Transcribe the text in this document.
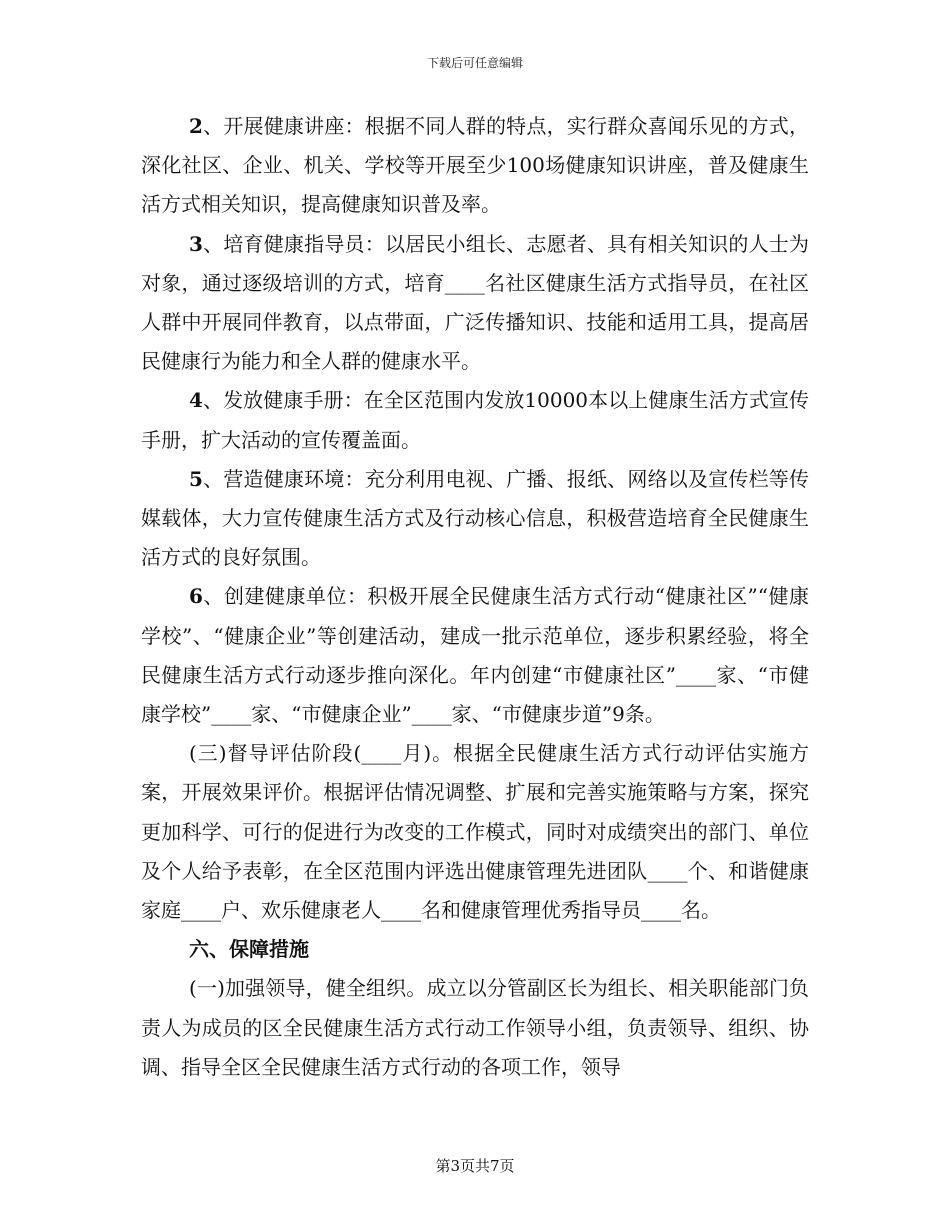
下载后可任意编辑

2、开展健康讲座：根据不同人群的特点，实行群众喜闻乐见的方式，深化社区、企业、机关、学校等开展至少100场健康知识讲座，普及健康生活方式相关知识，提高健康知识普及率。

3、培育健康指导员：以居民小组长、志愿者、具有相关知识的人士为对象，通过逐级培训的方式，培育____名社区健康生活方式指导员，在社区人群中开展同伴教育，以点带面，广泛传播知识、技能和适用工具，提高居民健康行为能力和全人群的健康水平。

4、发放健康手册：在全区范围内发放10000本以上健康生活方式宣传手册，扩大活动的宣传覆盖面。

5、营造健康环境：充分利用电视、广播、报纸、网络以及宣传栏等传媒载体，大力宣传健康生活方式及行动核心信息，积极营造培育全民健康生活方式的良好氛围。

6、创建健康单位：积极开展全民健康生活方式行动“健康社区”“健康学校”、“健康企业”等创建活动，建成一批示范单位，逐步积累经验，将全民健康生活方式行动逐步推向深化。年内创建“市健康社区”____家、“市健康学校”____家、“市健康企业”____家、“市健康步道”9条。

(三)督导评估阶段(____月)。根据全民健康生活方式行动评估实施方案，开展效果评价。根据评估情况调整、扩展和完善实施策略与方案，探究更加科学、可行的促进行为改变的工作模式，同时对成绩突出的部门、单位及个人给予表彰，在全区范围内评选出健康管理先进团队____个、和谐健康家庭____户、欢乐健康老人____名和健康管理优秀指导员____名。

六、保障措施

(一)加强领导，健全组织。成立以分管副区长为组长、相关职能部门负责人为成员的区全民健康生活方式行动工作领导小组，负责领导、组织、协调、指导全区全民健康生活方式行动的各项工作，领导

第3页共7页
